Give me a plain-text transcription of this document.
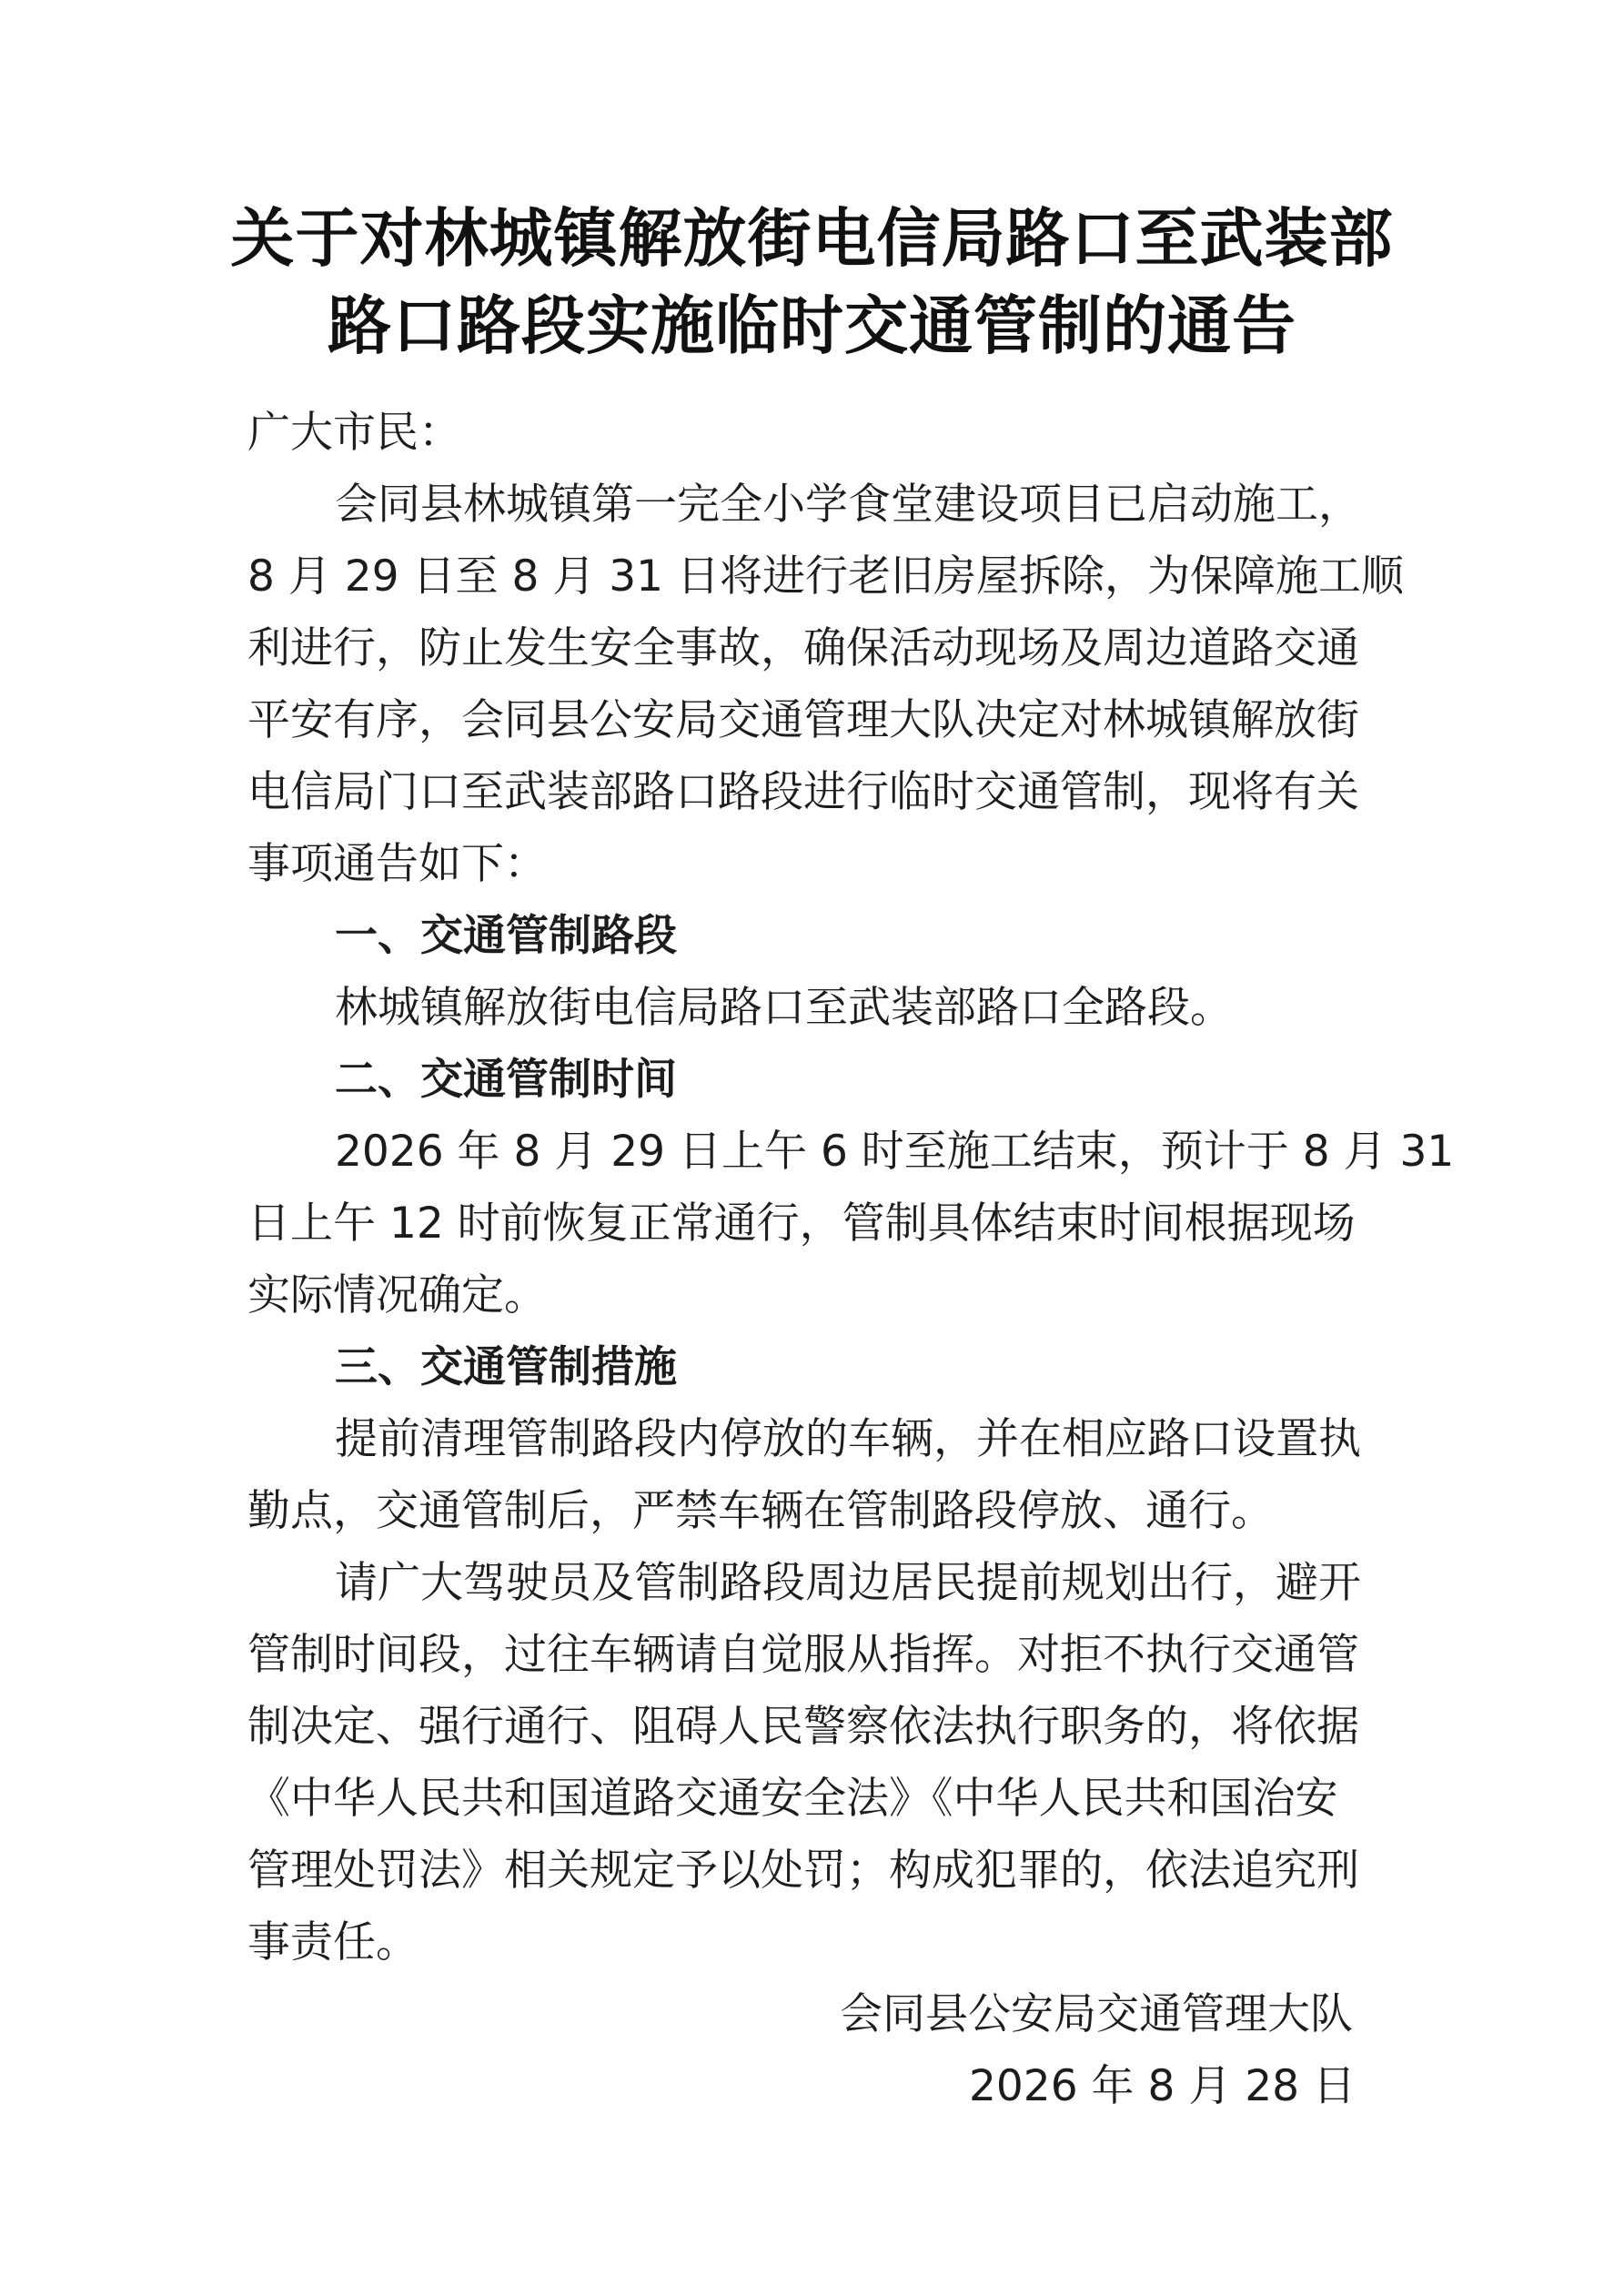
关于对林城镇解放街电信局路口至武装部
路口路段实施临时交通管制的通告
广大市民：
会同县林城镇第一完全小学食堂建设项目已启动施工，
8 月 29 日至 8 月 31 日将进行老旧房屋拆除，为保障施工顺
利进行，防止发生安全事故，确保活动现场及周边道路交通
平安有序，会同县公安局交通管理大队决定对林城镇解放街
电信局门口至武装部路口路段进行临时交通管制，现将有关
事项通告如下：
一、交通管制路段
林城镇解放街电信局路口至武装部路口全路段。
二、交通管制时间
2026 年 8 月 29 日上午 6 时至施工结束，预计于 8 月 31
日上午 12 时前恢复正常通行，管制具体结束时间根据现场
实际情况确定。
三、交通管制措施
提前清理管制路段内停放的车辆，并在相应路口设置执
勤点，交通管制后，严禁车辆在管制路段停放、通行。
请广大驾驶员及管制路段周边居民提前规划出行，避开
管制时间段，过往车辆请自觉服从指挥。对拒不执行交通管
制决定、强行通行、阻碍人民警察依法执行职务的，将依据
《中华人民共和国道路交通安全法》《中华人民共和国治安
管理处罚法》相关规定予以处罚；构成犯罪的，依法追究刑
事责任。
会同县公安局交通管理大队
2026 年 8 月 28 日
